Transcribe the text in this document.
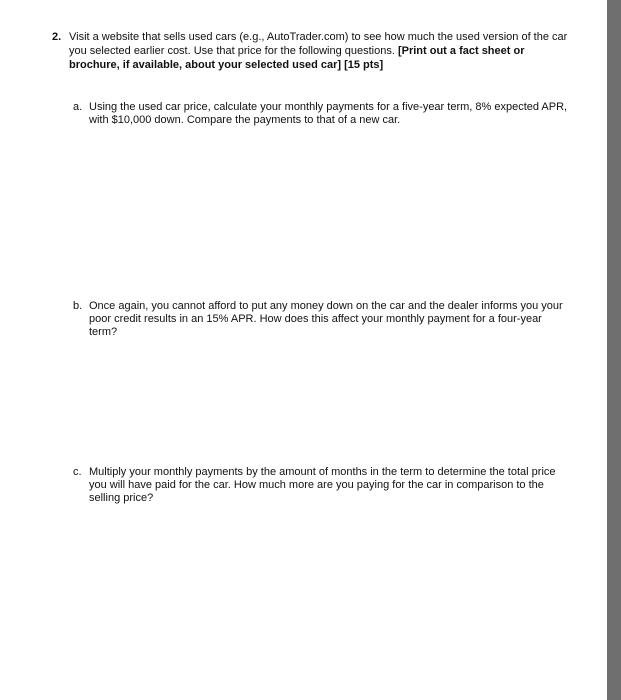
2. Visit a website that sells used cars (e.g., AutoTrader.com) to see how much the used version of the car you selected earlier cost. Use that price for the following questions. [Print out a fact sheet or brochure, if available, about your selected used car] [15 pts]
a. Using the used car price, calculate your monthly payments for a five-year term, 8% expected APR, with $10,000 down. Compare the payments to that of a new car.
b. Once again, you cannot afford to put any money down on the car and the dealer informs you your poor credit results in an 15% APR. How does this affect your monthly payment for a four-year term?
c. Multiply your monthly payments by the amount of months in the term to determine the total price you will have paid for the car. How much more are you paying for the car in comparison to the selling price?
